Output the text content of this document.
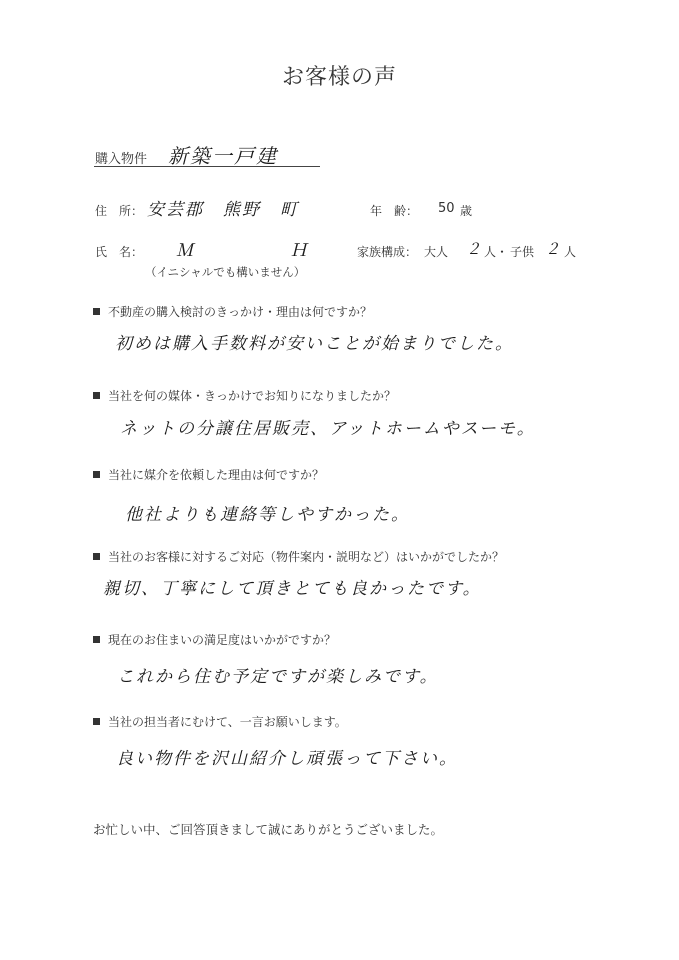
お客様の声
購入物件 新築一戸建
住　所： 安芸郡　熊野　町	年　齢： 50 歳
氏　名： Ｍ　Ｈ
（イニシャルでも構いません）
家族構成： 大人 ２ 人・ 子供 ２ 人
不動産の購入検討のきっかけ・理由は何ですか？
初めは購入手数料が安いことが始まりでした。
当社を何の媒体・きっかけでお知りになりましたか？
ネットの分譲住居販売、アットホームやスーモ。
当社に媒介を依頼した理由は何ですか？
他社よりも連絡等しやすかった。
当社のお客様に対するご対応（物件案内・説明など）はいかがでしたか？
親切、丁寧にして頂きとても良かったです。
現在のお住まいの満足度はいかがですか？
これから住む予定ですが楽しみです。
当社の担当者にむけて、一言お願いします。
良い物件を沢山紹介し頑張って下さい。
お忙しい中、ご回答頂きまして誠にありがとうございました。
